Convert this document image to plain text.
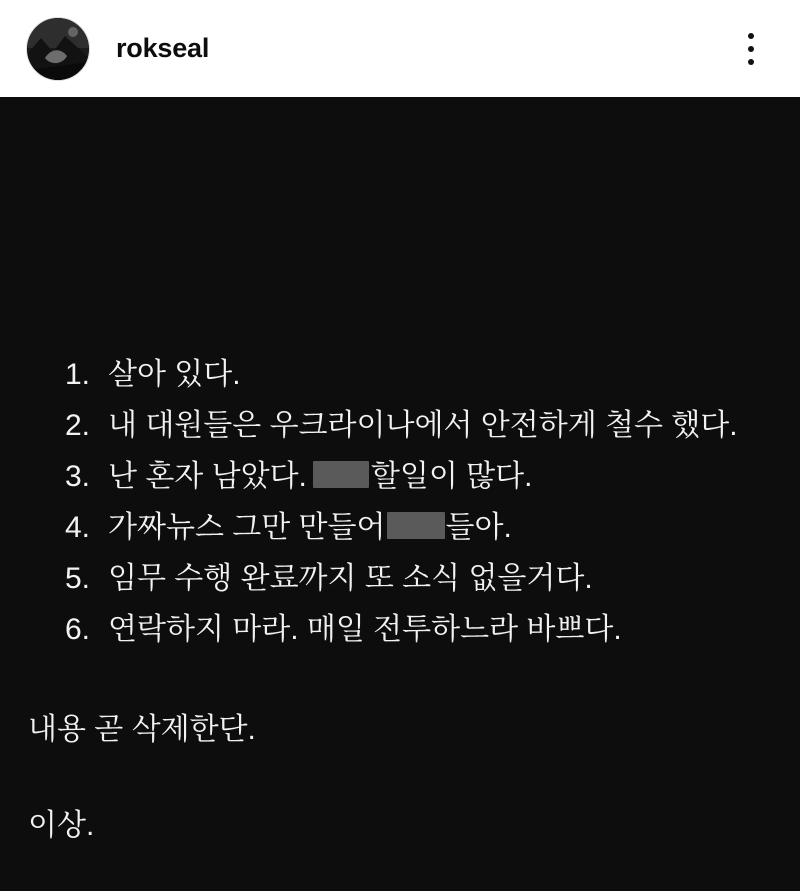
rokseal
1. 살아 있다.
2. 내 대원들은 우크라이나에서 안전하게 철수 했다.
3. 난 혼자 남았다. 할일이 많다.
4. 가짜뉴스 그만 만들어 들아.
5. 임무 수행 완료까지 또 소식 없을거다.
6. 연락하지 마라. 매일 전투하느라 바쁘다.
내용 곧 삭제한단.
이상.
